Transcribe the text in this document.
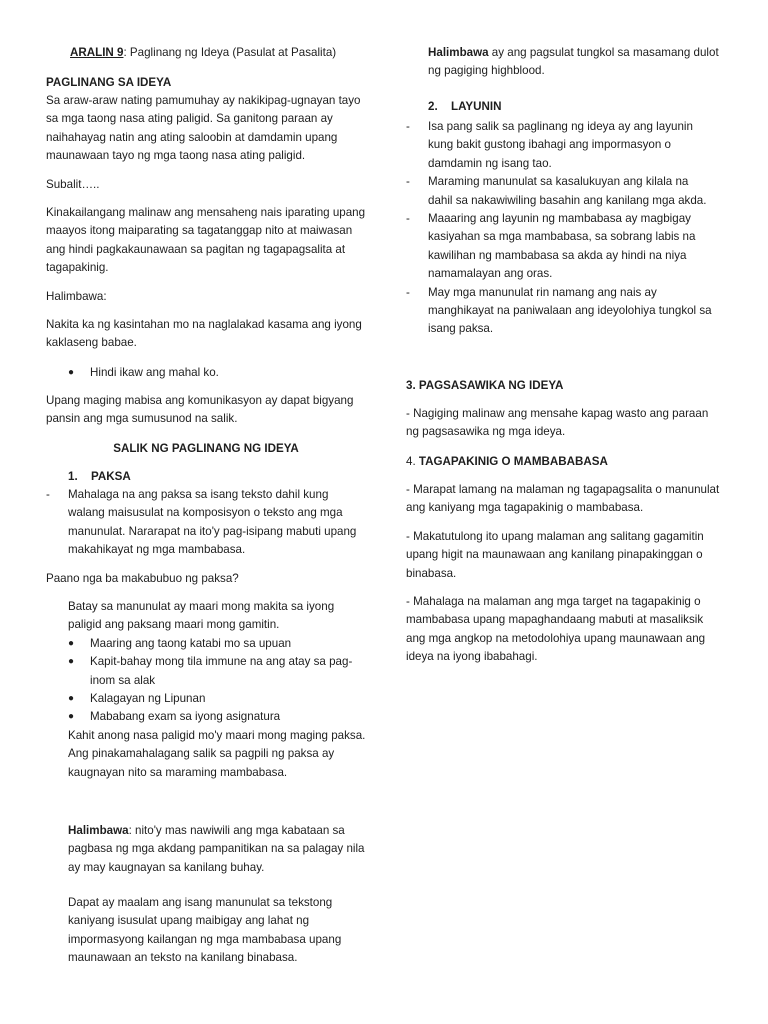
ARALIN 9: Paglinang ng Ideya (Pasulat at Pasalita)

PAGLINANG SA IDEYA

Sa araw-araw nating pamumuhay ay nakikipag-ugnayan tayo sa mga taong nasa ating paligid. Sa ganitong paraan ay naihahayag natin ang ating saloobin at damdamin upang maunawaan tayo ng mga taong nasa ating paligid.

Subalit…..

Kinakailangang malinaw ang mensaheng nais iparating upang maayos itong maiparating sa tagatanggap nito at maiwasan ang hindi pagkakaunawaan sa pagitan ng tagapagsalita at tagapakinig.

Halimbawa:

Nakita ka ng kasintahan mo na naglalakad kasama ang iyong kaklaseng babae.

● Hindi ikaw ang mahal ko.

Upang maging mabisa ang komunikasyon ay dapat bigyang pansin ang mga sumusunod na salik.

SALIK NG PAGLINANG NG IDEYA

1. PAKSA
- Mahalaga na ang paksa sa isang teksto dahil kung walang maisusulat na komposisyon o teksto ang mga manunulat. Nararapat na ito'y pag-isipang mabuti upang makahikayat ng mga mambabasa.

Paano nga ba makabubuo ng paksa?

Batay sa manunulat ay maari mong makita sa iyong paligid ang paksang maari mong gamitin.

● Maaring ang taong katabi mo sa upuan
● Kapit-bahay mong tila immune na ang atay sa pag-inom sa alak
● Kalagayan ng Lipunan
● Mababang exam sa iyong asignatura

Kahit anong nasa paligid mo'y maari mong maging paksa.

Ang pinakamahalagang salik sa pagpili ng paksa ay kaugnayan nito sa maraming mambabasa.

Halimbawa: nito'y mas nawiwili ang mga kabataan sa pagbasa ng mga akdang pampanitikan na sa palagay nila ay may kaugnayan sa kanilang buhay.

Dapat ay maalam ang isang manunulat sa tekstong kaniyang isusulat upang maibigay ang lahat ng impormasyong kailangan ng mga mambabasa upang maunawaan an teksto na kanilang binabasa.

Halimbawa ay ang pagsulat tungkol sa masamang dulot ng pagiging highblood.

2. LAYUNIN
- Isa pang salik sa paglinang ng ideya ay ang layunin kung bakit gustong ibahagi ang impormasyon o damdamin ng isang tao.
- Maraming manunulat sa kasalukuyan ang kilala na dahil sa nakawiwiling basahin ang kanilang mga akda.
- Maaaring ang layunin ng mambabasa ay magbigay kasiyahan sa mga mambabasa, sa sobrang labis na kawilihan ng mambabasa sa akda ay hindi na niya namamalayan ang oras.
- May mga manunulat rin namang ang nais ay manghikayat na paniwalaan ang ideyolohiya tungkol sa isang paksa.

3. PAGSASAWIKA NG IDEYA

- Nagiging malinaw ang mensahe kapag wasto ang paraan ng pagsasawika ng mga ideya.

4. TAGAPAKINIG O MAMBABABASA

- Marapat lamang na malaman ng tagapagsalita o manunulat ang kaniyang mga tagapakinig o mambabasa.

- Makatutulong ito upang malaman ang salitang gagamitin upang higit na maunawaan ang kanilang pinapakinggan o binabasa.

- Mahalaga na malaman ang mga target na tagapakinig o mambabasa upang mapaghandaang mabuti at masaliksik ang mga angkop na metodolohiya upang maunawaan ang ideya na iyong ibabahagi.
